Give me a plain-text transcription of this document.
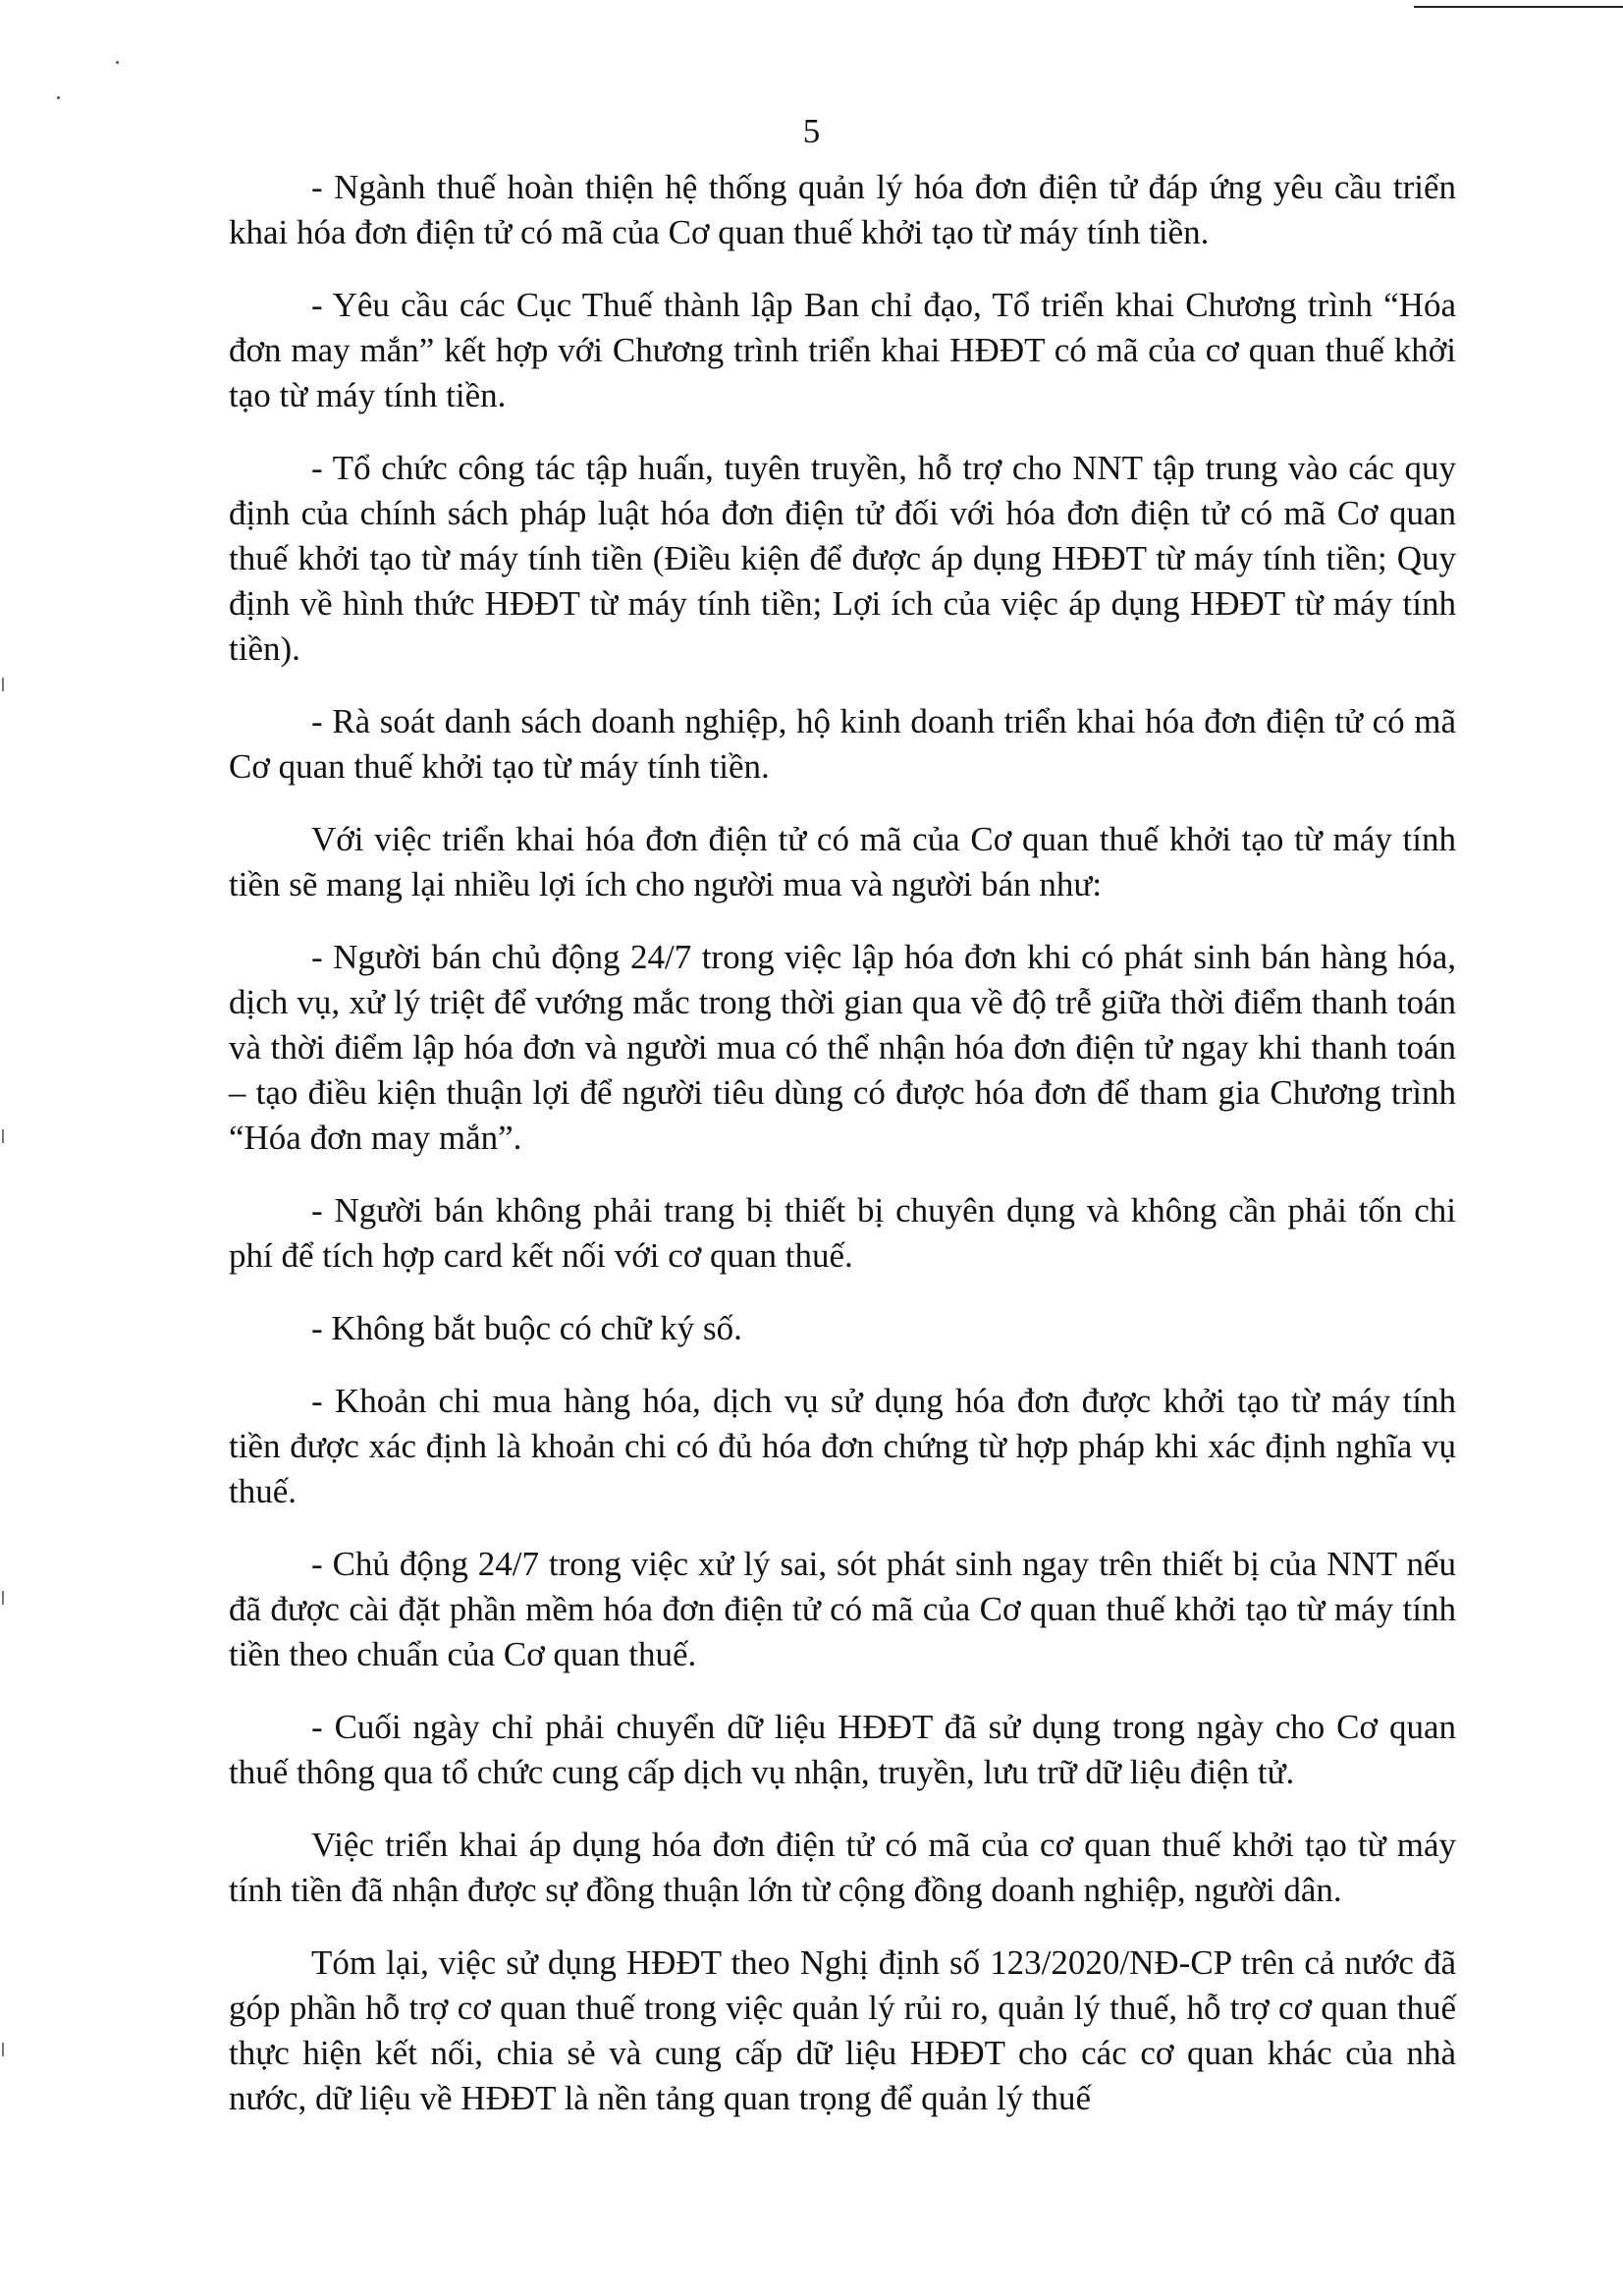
5

- Ngành thuế hoàn thiện hệ thống quản lý hóa đơn điện tử đáp ứng yêu cầu triển khai hóa đơn điện tử có mã của Cơ quan thuế khởi tạo từ máy tính tiền.

- Yêu cầu các Cục Thuế thành lập Ban chỉ đạo, Tổ triển khai Chương trình “Hóa đơn may mắn” kết hợp với Chương trình triển khai HĐĐT có mã của cơ quan thuế khởi tạo từ máy tính tiền.

- Tổ chức công tác tập huấn, tuyên truyền, hỗ trợ cho NNT tập trung vào các quy định của chính sách pháp luật hóa đơn điện tử đối với hóa đơn điện tử có mã Cơ quan thuế khởi tạo từ máy tính tiền (Điều kiện để được áp dụng HĐĐT từ máy tính tiền; Quy định về hình thức HĐĐT từ máy tính tiền; Lợi ích của việc áp dụng HĐĐT từ máy tính tiền).

- Rà soát danh sách doanh nghiệp, hộ kinh doanh triển khai hóa đơn điện tử có mã Cơ quan thuế khởi tạo từ máy tính tiền.

Với việc triển khai hóa đơn điện tử có mã của Cơ quan thuế khởi tạo từ máy tính tiền sẽ mang lại nhiều lợi ích cho người mua và người bán như:

- Người bán chủ động 24/7 trong việc lập hóa đơn khi có phát sinh bán hàng hóa, dịch vụ, xử lý triệt để vướng mắc trong thời gian qua về độ trễ giữa thời điểm thanh toán và thời điểm lập hóa đơn và người mua có thể nhận hóa đơn điện tử ngay khi thanh toán – tạo điều kiện thuận lợi để người tiêu dùng có được hóa đơn để tham gia Chương trình “Hóa đơn may mắn”.

- Người bán không phải trang bị thiết bị chuyên dụng và không cần phải tốn chi phí để tích hợp card kết nối với cơ quan thuế.

- Không bắt buộc có chữ ký số.

- Khoản chi mua hàng hóa, dịch vụ sử dụng hóa đơn được khởi tạo từ máy tính tiền được xác định là khoản chi có đủ hóa đơn chứng từ hợp pháp khi xác định nghĩa vụ thuế.

- Chủ động 24/7 trong việc xử lý sai, sót phát sinh ngay trên thiết bị của NNT nếu đã được cài đặt phần mềm hóa đơn điện tử có mã của Cơ quan thuế khởi tạo từ máy tính tiền theo chuẩn của Cơ quan thuế.

- Cuối ngày chỉ phải chuyển dữ liệu HĐĐT đã sử dụng trong ngày cho Cơ quan thuế thông qua tổ chức cung cấp dịch vụ nhận, truyền, lưu trữ dữ liệu điện tử.

Việc triển khai áp dụng hóa đơn điện tử có mã của cơ quan thuế khởi tạo từ máy tính tiền đã nhận được sự đồng thuận lớn từ cộng đồng doanh nghiệp, người dân.

Tóm lại, việc sử dụng HĐĐT theo Nghị định số 123/2020/NĐ-CP trên cả nước đã góp phần hỗ trợ cơ quan thuế trong việc quản lý rủi ro, quản lý thuế, hỗ trợ cơ quan thuế thực hiện kết nối, chia sẻ và cung cấp dữ liệu HĐĐT cho các cơ quan khác của nhà nước, dữ liệu về HĐĐT là nền tảng quan trọng để quản lý thuế
